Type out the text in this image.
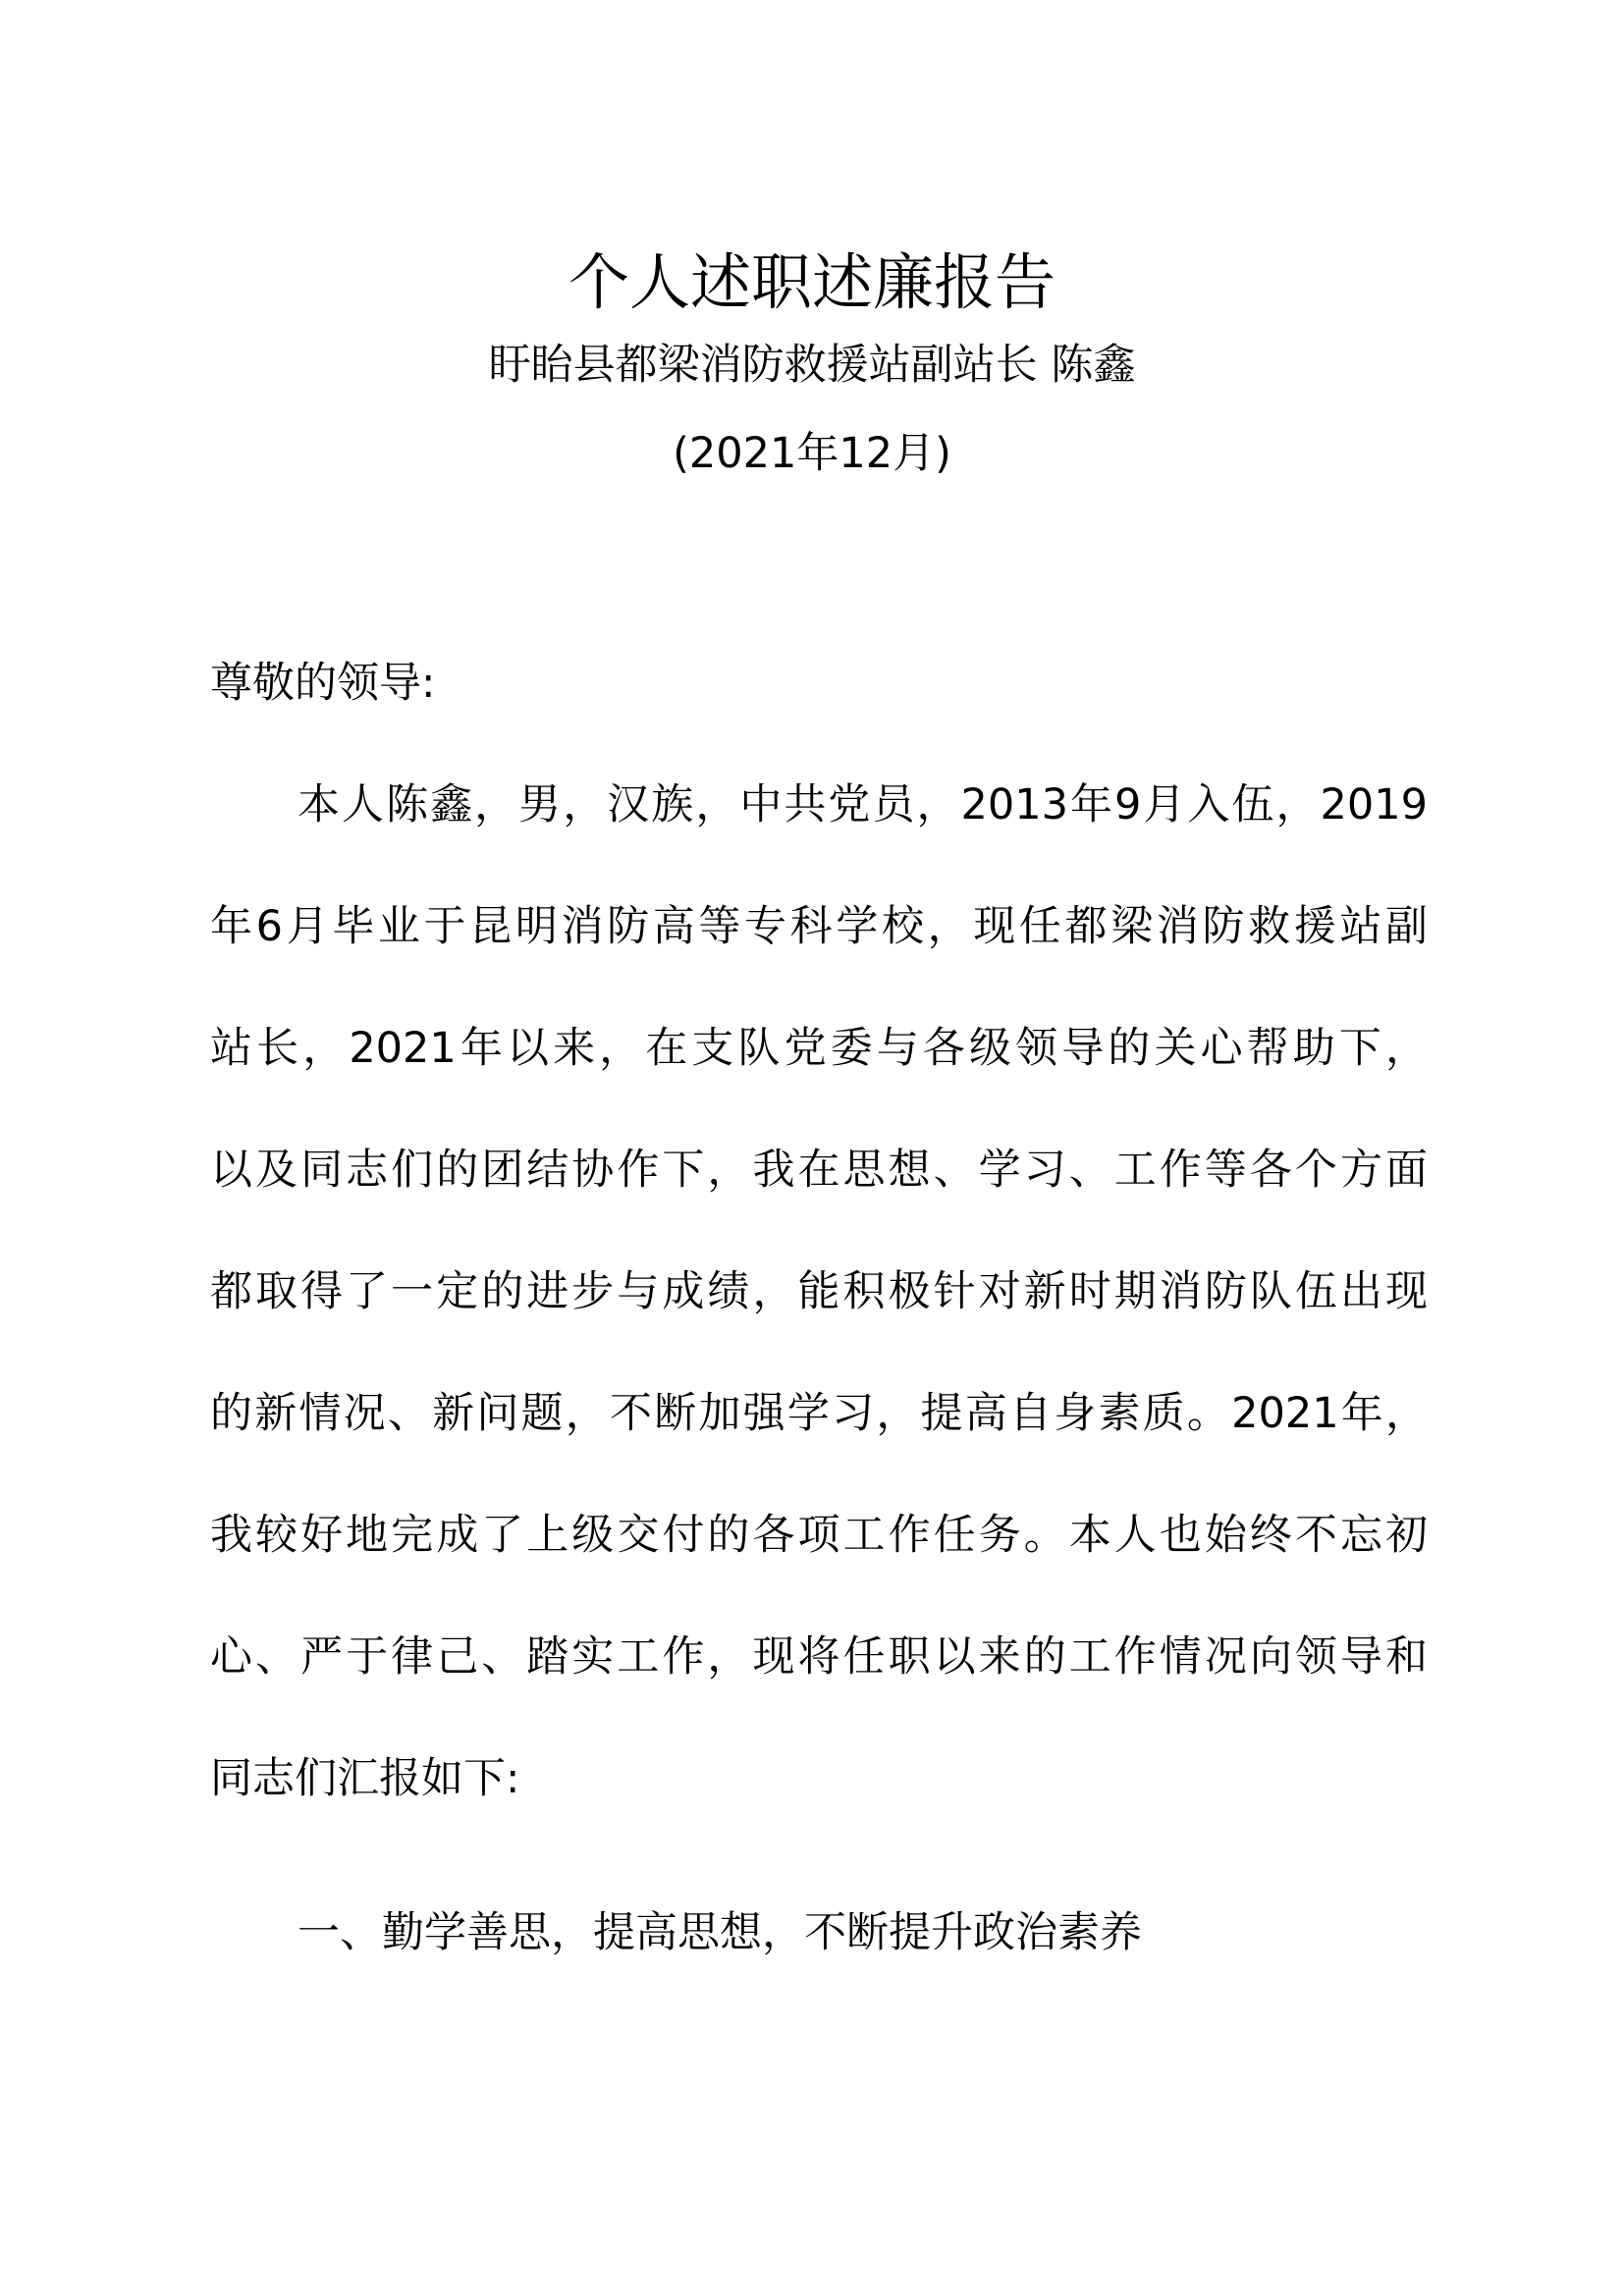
个人述职述廉报告
盱眙县都梁消防救援站副站长 陈鑫
(2021年12月)
尊敬的领导:
本人陈鑫，男，汉族，中共党员，2013年9月入伍，2019
年6月毕业于昆明消防高等专科学校，现任都梁消防救援站副
站长，2021年以来，在支队党委与各级领导的关心帮助下，
以及同志们的团结协作下，我在思想、学习、工作等各个方面
都取得了一定的进步与成绩，能积极针对新时期消防队伍出现
的新情况、新问题，不断加强学习，提高自身素质。2021年，
我较好地完成了上级交付的各项工作任务。本人也始终不忘初
心、严于律己、踏实工作，现将任职以来的工作情况向领导和
同志们汇报如下:
一、勤学善思，提高思想，不断提升政治素养
